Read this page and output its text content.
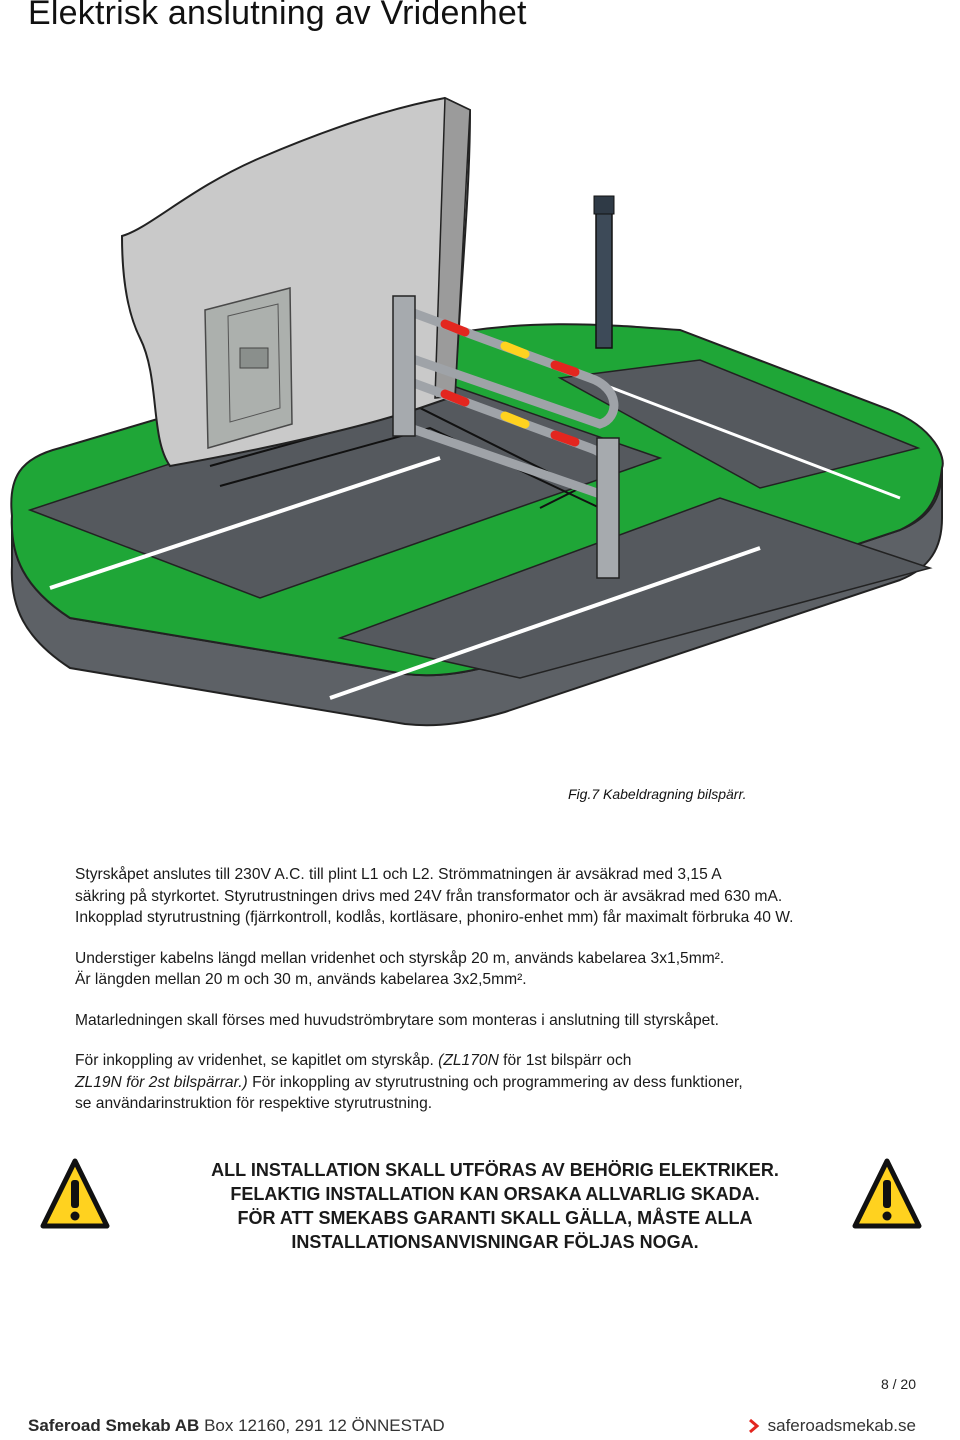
Elektrisk anslutning av Vridenhet
Fig.7 Kabeldragning bilspärr.

Styrskåpet anslutes till 230V A.C. till plint L1 och L2. Strömmatningen är avsäkrad med 3,15 A
säkring på styrkortet. Styrutrustningen drivs med 24V från transformator och är avsäkrad med 630 mA.
Inkopplad styrutrustning (fjärrkontroll, kodlås, kortläsare, phoniro-enhet mm) får maximalt förbruka 40 W.

Understiger kabelns längd mellan vridenhet och styrskåp 20 m, används kabelarea 3x1,5mm².
Är längden mellan 20 m och 30 m, används kabelarea 3x2,5mm².

Matarledningen skall förses med huvudströmbrytare som monteras i anslutning till styrskåpet.

För inkoppling av vridenhet, se kapitlet om styrskåp. (ZL170N för 1st bilspärr och
ZL19N för 2st bilspärrar.) För inkoppling av styrutrustning och programmering av dess funktioner,
se användarinstruktion för respektive styrutrustning.

ALL INSTALLATION SKALL UTFÖRAS AV BEHÖRIG ELEKTRIKER.
FELAKTIG INSTALLATION KAN ORSAKA ALLVARLIG SKADA.
FÖR ATT SMEKABS GARANTI SKALL GÄLLA, MÅSTE ALLA
INSTALLATIONSANVISNINGAR FÖLJAS NOGA.
8 / 20
Saferoad Smekab AB Box 12160, 291 12 ÖNNESTAD	saferoadsmekab.se
